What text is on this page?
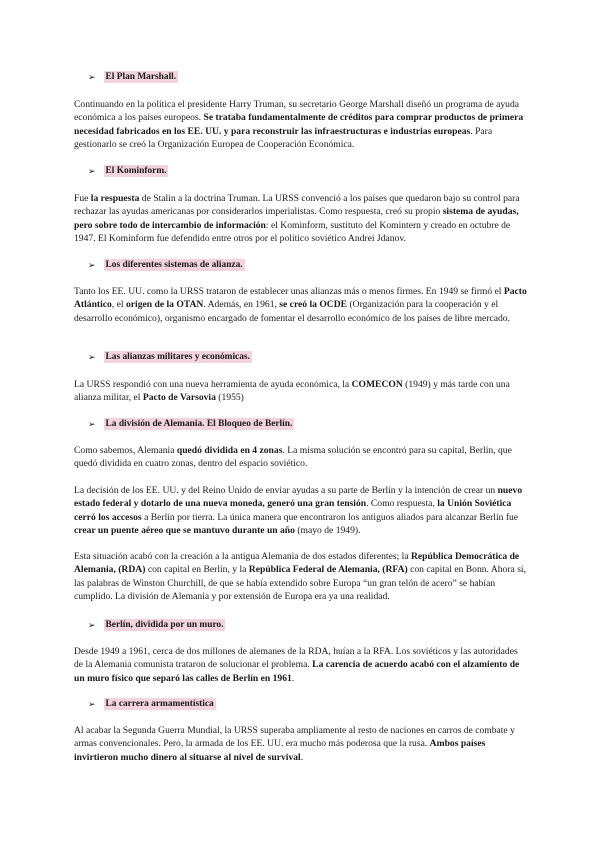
➢ El Plan Marshall.
Continuando en la política el presidente Harry Truman, su secretario George Marshall diseñó un programa de ayuda económica a los países europeos. Se trataba fundamentalmente de créditos para comprar productos de primera necesidad fabricados en los EE. UU. y para reconstruir las infraestructuras e industrias europeas. Para gestionarlo se creó la Organización Europea de Cooperación Económica.
➢ El Kominform.
Fue la respuesta de Stalin a la doctrina Truman. La URSS convenció a los países que quedaron bajo su control para rechazar las ayudas americanas por considerarlos imperialistas. Como respuesta, creó su propio sistema de ayudas, pero sobre todo de intercambio de información: el Kominform, sustituto del Komintern y creado en octubre de 1947. El Kominform fue defendido entre otros por el político soviético Andrei Jdanov.
➢ Los diferentes sistemas de alianza.
Tanto los EE. UU. como la URSS trataron de establecer unas alianzas más o menos firmes. En 1949 se firmó el Pacto Atlántico, el origen de la OTAN. Además, en 1961, se creó la OCDE (Organización para la cooperación y el desarrollo económico), organismo encargado de fomentar el desarrollo económico de los países de libre mercado.
➢ Las alianzas militares y económicas.
La URSS respondió con una nueva herramienta de ayuda económica, la COMECON (1949) y más tarde con una alianza militar, el Pacto de Varsovia (1955)
➢ La división de Alemania. El Bloqueo de Berlín.
Como sabemos, Alemania quedó dividida en 4 zonas. La misma solución se encontró para su capital, Berlín, que quedó dividida en cuatro zonas, dentro del espacio soviético.
La decisión de los EE. UU. y del Reino Unido de enviar ayudas a su parte de Berlín y la intención de crear un nuevo estado federal y dotarlo de una nueva moneda, generó una gran tensión. Como respuesta, la Unión Soviética cerró los accesos a Berlín por tierra. La única manera que encontraron los antiguos aliados para alcanzar Berlín fue crear un puente aéreo que se mantuvo durante un año (mayo de 1949).
Esta situación acabó con la creación a la antigua Alemania de dos estados diferentes; la República Democrática de Alemania, (RDA) con capital en Berlín, y la República Federal de Alemania, (RFA) con capital en Bonn. Ahora sí, las palabras de Winston Churchill, de que se había extendido sobre Europa “un gran telón de acero” se habían cumplido. La división de Alemania y por extensión de Europa era ya una realidad.
➢ Berlín, dividida por un muro.
Desde 1949 a 1961, cerca de dos millones de alemanes de la RDA, huían a la RFA. Los soviéticos y las autoridades de la Alemania comunista trataron de solucionar el problema. La carencia de acuerdo acabó con el alzamiento de un muro físico que separó las calles de Berlín en 1961.
➢ La carrera armamentística
Al acabar la Segunda Guerra Mundial, la URSS superaba ampliamente al resto de naciones en carros de combate y armas convencionales. Pero, la armada de los EE. UU. era mucho más poderosa que la rusa. Ambos países invirtieron mucho dinero al situarse al nivel de survival.
